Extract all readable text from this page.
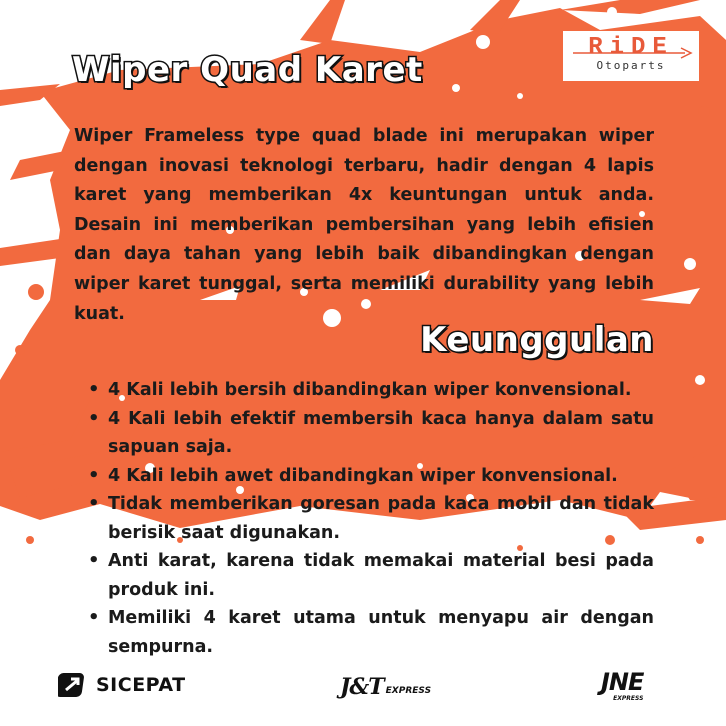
RiDE
Otoparts
Wiper Quad Karet

Wiper Frameless type quad blade ini merupakan wiper dengan inovasi teknologi terbaru, hadir dengan 4 lapis karet yang memberikan 4x keuntungan untuk anda. Desain ini memberikan pembersihan yang lebih efisien dan daya tahan yang lebih baik dibandingkan dengan wiper karet tunggal, serta memiliki durability yang lebih kuat.

Keunggulan
• 4 Kali lebih bersih dibandingkan wiper konvensional.
• 4 Kali lebih efektif membersih kaca hanya dalam satu sapuan saja.
• 4 Kali lebih awet dibandingkan wiper konvensional.
• Tidak memberikan goresan pada kaca mobil dan tidak berisik saat digunakan.
• Anti karat, karena tidak memakai material besi pada produk ini.
• Memiliki 4 karet utama untuk menyapu air dengan sempurna.
SICEPAT	J&T EXPRESS	JNE
EXPRESS
